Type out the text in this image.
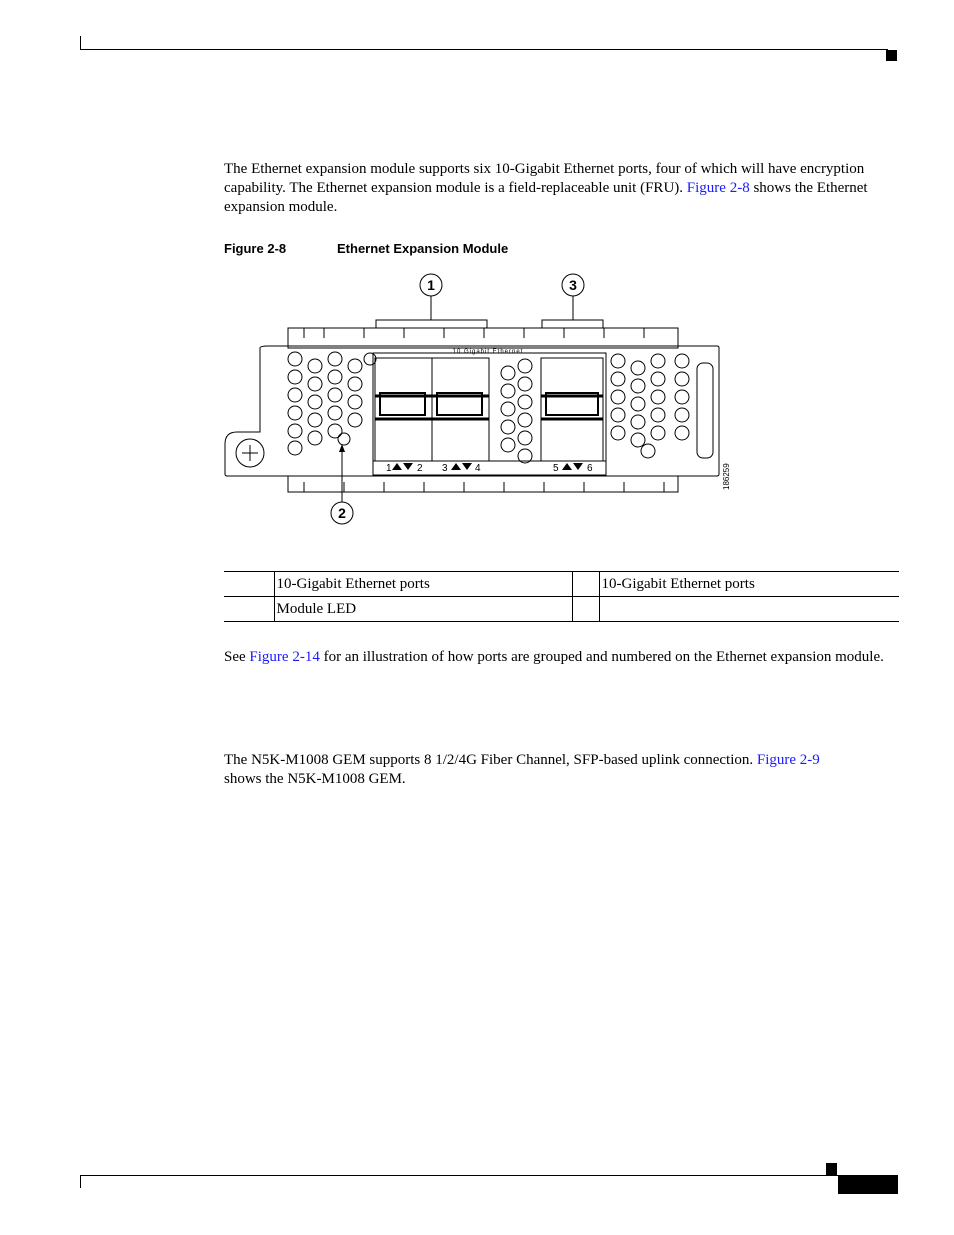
The Ethernet expansion module supports six 10-Gigabit Ethernet ports, four of which will have encryption capability. The Ethernet expansion module is a field-replaceable unit (FRU). Figure 2-8 shows the Ethernet expansion module.
Figure 2-8	Ethernet Expansion Module
1	3
2
10 Gigabit Ethernet
1	2 3	4	5	6	186259
	10-Gigabit Ethernet ports		10-Gigabit Ethernet ports
	Module LED		
See Figure 2-14 for an illustration of how ports are grouped and numbered on the Ethernet expansion module.
The N5K-M1008 GEM supports 8 1/2/4G Fiber Channel, SFP-based uplink connection. Figure 2-9
shows the N5K-M1008 GEM.
